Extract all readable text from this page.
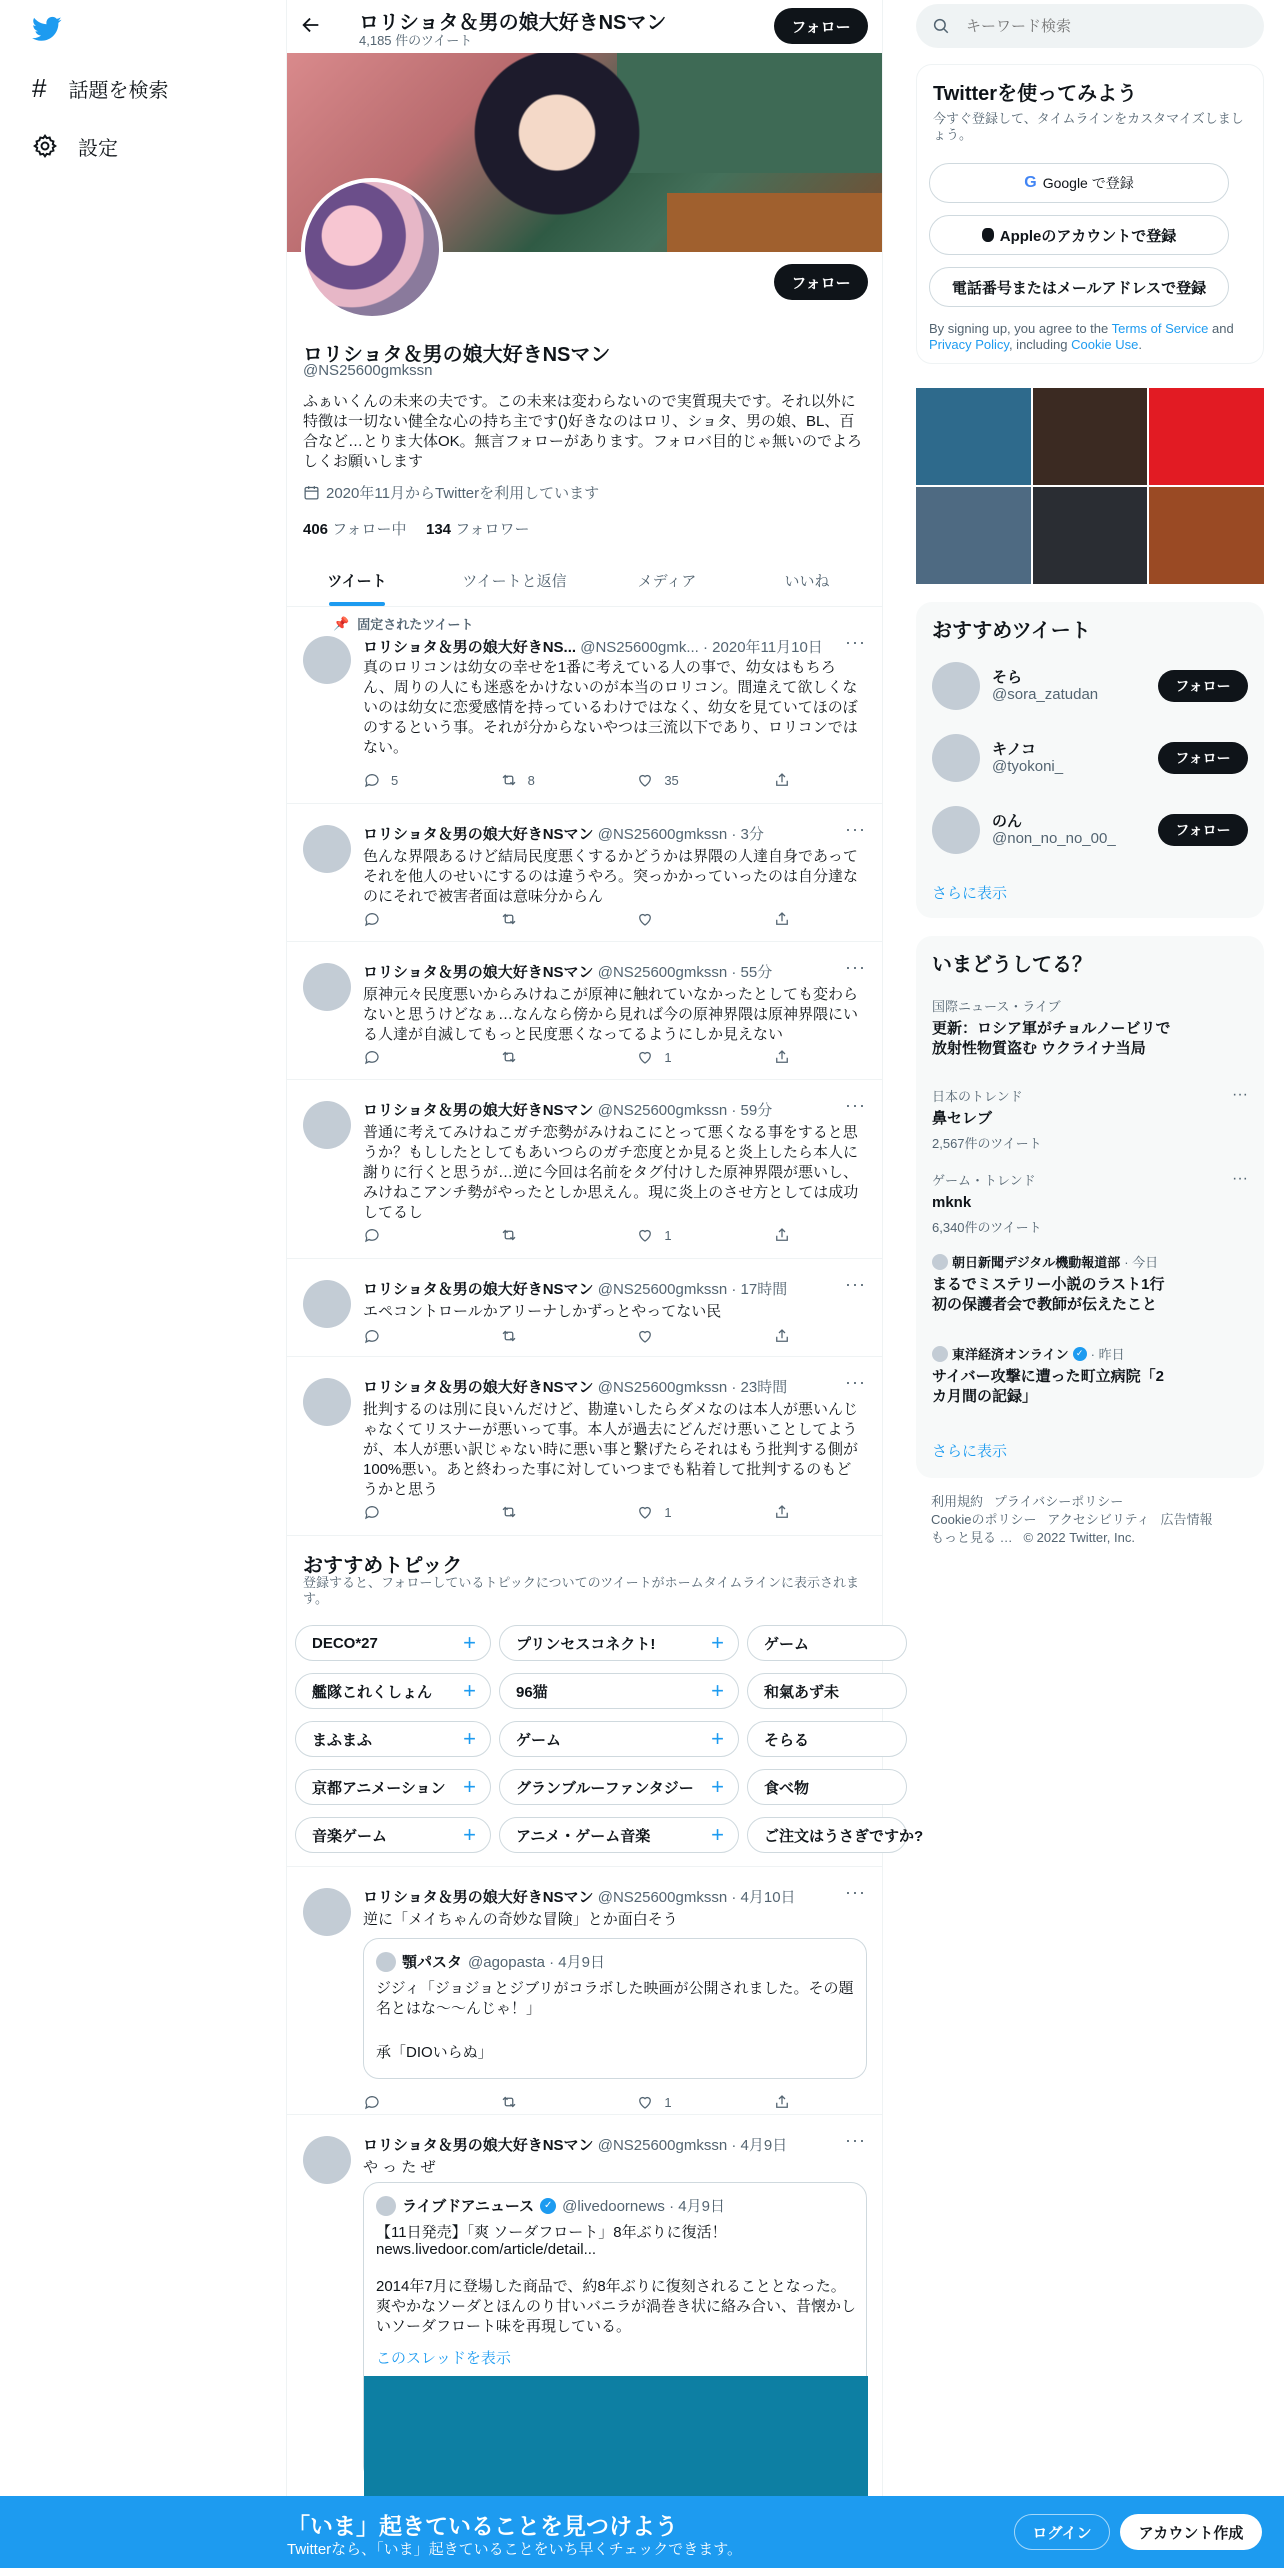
# 話題を検索
設定
ロリショタ＆男の娘大好きNSマン
4,185 件のツイート
フォロー
フォロー
ロリショタ＆男の娘大好きNSマン
@NS25600gmkssn
ふぁいくんの未来の夫です。この未来は変わらないので実質現夫です。それ以外に特徴は一切ない健全な心の持ち主です()好きなのはロリ、ショタ、男の娘、BL、百合など…とりま大体OK。無言フォローがあります。フォロバ目的じゃ無いのでよろしくお願いします
2020年11月からTwitterを利用しています
406 フォロー中 134 フォロワー
ツイート	ツイートと返信	メディア	いいね
📌 固定されたツイート
ロリショタ＆男の娘大好きNS... @NS25600gmk... · 2020年11月10日	···
真のロリコンは幼女の幸せを1番に考えている人の事で、幼女はもちろん、周りの人にも迷惑をかけないのが本当のロリコン。間違えて欲しくないのは幼女に恋愛感情を持っているわけではなく、幼女を見ていてほのぼのするという事。それが分からないやつは三流以下であり、ロリコンではない。
5	8	35
ロリショタ＆男の娘大好きNSマン @NS25600gmkssn · 3分	···
色んな界隈あるけど結局民度悪くするかどうかは界隈の人達自身であってそれを他人のせいにするのは違うやろ。突っかかっていったのは自分達なのにそれで被害者面は意味分からん
ロリショタ＆男の娘大好きNSマン @NS25600gmkssn · 55分	···
原神元々民度悪いからみけねこが原神に触れていなかったとしても変わらないと思うけどなぁ…なんなら傍から見れば今の原神界隈は原神界隈にいる人達が自滅してもっと民度悪くなってるようにしか見えない
1
ロリショタ＆男の娘大好きNSマン @NS25600gmkssn · 59分	···
普通に考えてみけねこガチ恋勢がみけねこにとって悪くなる事をすると思うか？もししたとしてもあいつらのガチ恋度とか見ると炎上したら本人に謝りに行くと思うが…逆に今回は名前をタグ付けした原神界隈が悪いし、みけねこアンチ勢がやったとしか思えん。現に炎上のさせ方としては成功してるし
1
ロリショタ＆男の娘大好きNSマン @NS25600gmkssn · 17時間	···
エペコントロールかアリーナしかずっとやってない民
ロリショタ＆男の娘大好きNSマン @NS25600gmkssn · 23時間	···
批判するのは別に良いんだけど、勘違いしたらダメなのは本人が悪いんじゃなくてリスナーが悪いって事。本人が過去にどんだけ悪いことしてようが、本人が悪い訳じゃない時に悪い事と繋げたらそれはもう批判する側が100%悪い。あと終わった事に対していつまでも粘着して批判するのもどうかと思う
1
おすすめトピック
登録すると、フォローしているトピックについてのツイートがホームタイムラインに表示されます。
DECO*27	+	プリンセスコネクト!	+	ゲーム
艦隊これくしょん +	96猫	+	和氣あず未
まふまふ	+	ゲーム	+	そらる
京都アニメーション +	グランブルーファンタジー +	食べ物
音楽ゲーム	+	アニメ・ゲーム音楽	+	ご注文はうさぎですか?
ロリショタ＆男の娘大好きNSマン @NS25600gmkssn · 4月10日	···
逆に「メイちゃんの奇妙な冒険」とか面白そう
顎パスタ @agopasta · 4月9日
ジジィ「ジョジョとジブリがコラボした映画が公開されました。その題名とはな〜〜んじゃ！」
承「DIOいらぬ」
1
ロリショタ＆男の娘大好きNSマン @NS25600gmkssn · 4月9日	···
や っ た ぜ
ライブドアニュース ✓ @livedoornews · 4月9日
【11日発売】「爽 ソーダフロート」8年ぶりに復活！
news.livedoor.com/article/detail...
2014年7月に登場した商品で、約8年ぶりに復刻されることとなった。爽やかなソーダとほんのり甘いバニラが渦巻き状に絡み合い、昔懐かしいソーダフロート味を再現している。
このスレッドを表示
キーワード検索
Twitterを使ってみよう
今すぐ登録して、タイムラインをカスタマイズしましょう。
G Google で登録
Appleのアカウントで登録
電話番号またはメールアドレスで登録
By signing up, you agree to the Terms of Service and Privacy Policy, including Cookie Use.
おすすめツイート
そら
@sora_zatudan	フォロー
キノコ
@tyokoni_	フォロー
のん
@non_no_no_00_	フォロー
さらに表示
いまどうしてる？
国際ニュース・ライブ
更新：ロシア軍がチョルノービリで放射性物質盗む ウクライナ当局
日本のトレンド
鼻セレブ
2,567件のツイート
···
ゲーム・トレンド
mknk
6,340件のツイート
···
朝日新聞デジタル機動報道部 · 今日
まるでミステリー小説のラスト1行 初の保護者会で教師が伝えたこと
東洋経済オンライン ✓ · 昨日
サイバー攻撃に遭った町立病院「2カ月間の記録」
さらに表示
利用規約 プライバシーポリシー
Cookieのポリシー アクセシビリティ 広告情報
もっと見る … © 2022 Twitter, Inc.
「いま」起きていることを見つけよう
Twitterなら、「いま」起きていることをいち早くチェックできます。
ログイン	アカウント作成
